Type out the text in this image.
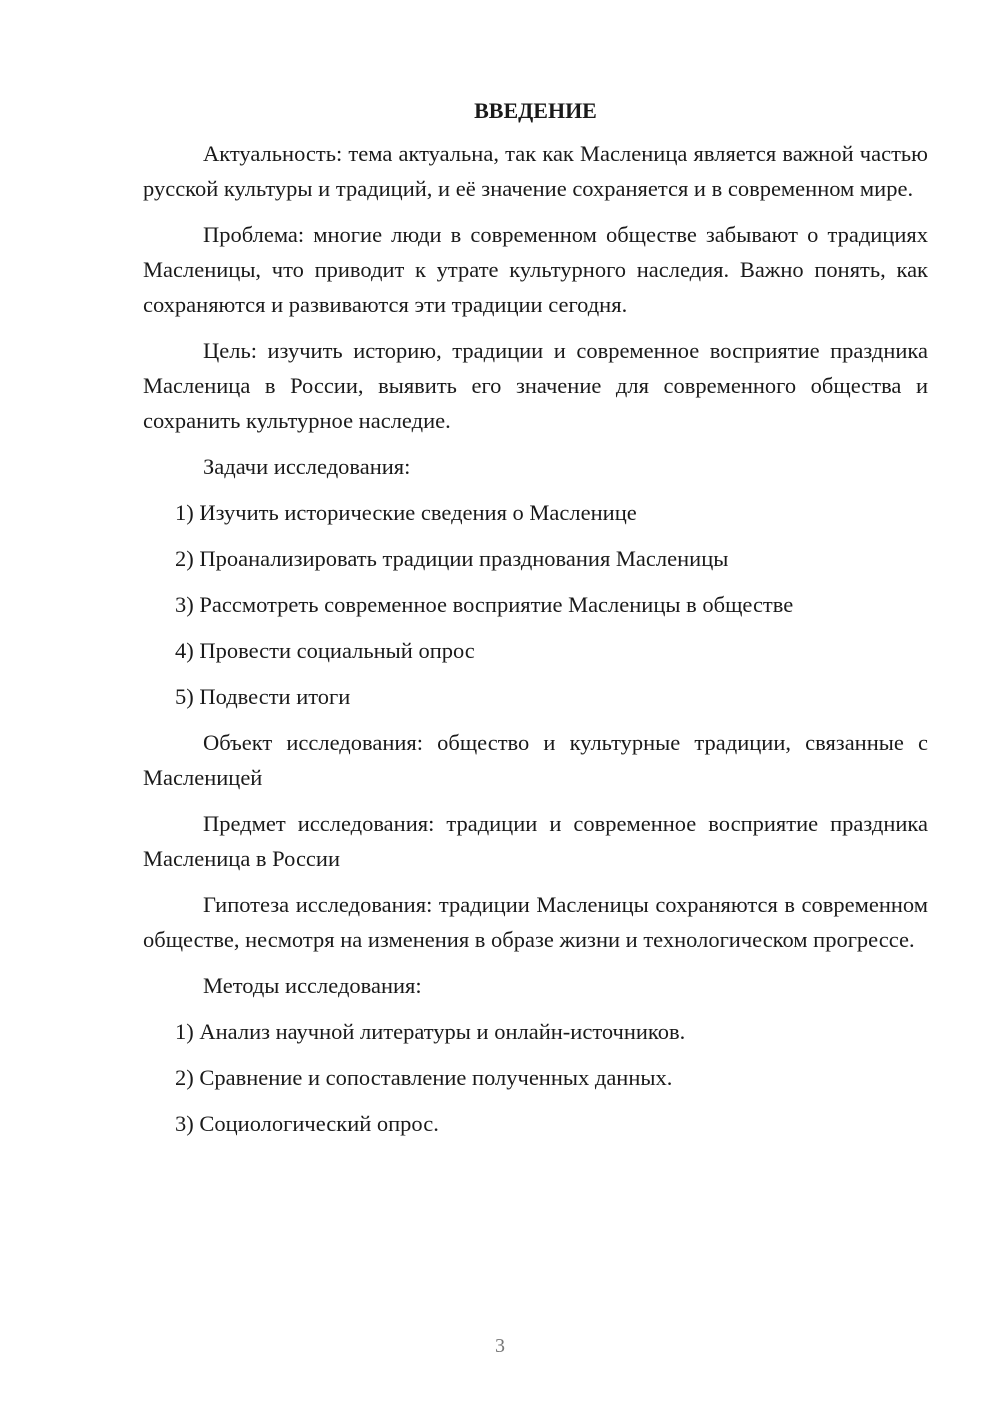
ВВЕДЕНИЕ

Актуальность: тема актуальна, так как Масленица является важной частью русской культуры и традиций, и её значение сохраняется и в современном мире.

Проблема: многие люди в современном обществе забывают о традициях Масленицы, что приводит к утрате культурного наследия. Важно понять, как сохраняются и развиваются эти традиции сегодня.

Цель: изучить историю, традиции и современное восприятие праздника Масленица в России, выявить его значение для современного общества и сохранить культурное наследие.

Задачи исследования:

1) Изучить исторические сведения о Масленице
2) Проанализировать традиции празднования Масленицы
3) Рассмотреть современное восприятие Масленицы в обществе
4) Провести социальный опрос
5) Подвести итоги

Объект исследования: общество и культурные традиции, связанные с Масленицей

Предмет исследования: традиции и современное восприятие праздника Масленица в России

Гипотеза исследования: традиции Масленицы сохраняются в современном обществе, несмотря на изменения в образе жизни и технологическом прогрессе.

Методы исследования:

1) Анализ научной литературы и онлайн-источников.
2) Сравнение и сопоставление полученных данных.
3) Социологический опрос.
3
